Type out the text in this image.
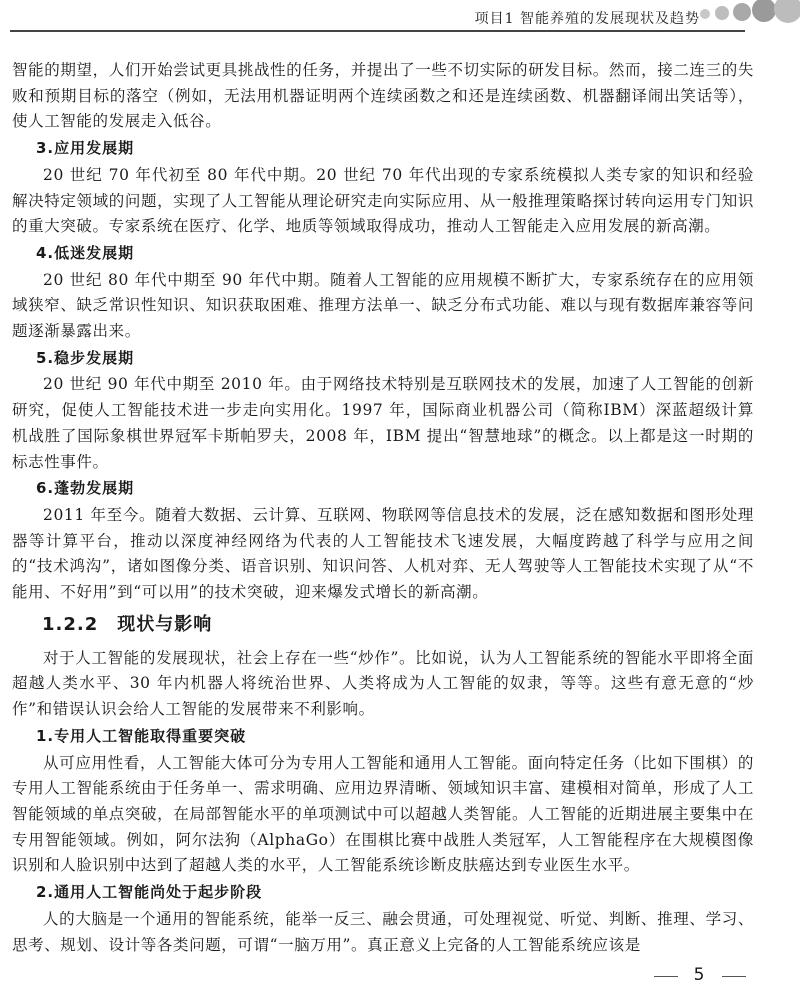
项目1 智能养殖的发展现状及趋势
智能的期望，人们开始尝试更具挑战性的任务，并提出了一些不切实际的研发目标。然而，接二连三的失败和预期目标的落空（例如，无法用机器证明两个连续函数之和还是连续函数、机器翻译闹出笑话等），使人工智能的发展走入低谷。
3.应用发展期
20 世纪 70 年代初至 80 年代中期。20 世纪 70 年代出现的专家系统模拟人类专家的知识和经验解决特定领域的问题，实现了人工智能从理论研究走向实际应用、从一般推理策略探讨转向运用专门知识的重大突破。专家系统在医疗、化学、地质等领域取得成功，推动人工智能走入应用发展的新高潮。
4.低迷发展期
20 世纪 80 年代中期至 90 年代中期。随着人工智能的应用规模不断扩大，专家系统存在的应用领域狭窄、缺乏常识性知识、知识获取困难、推理方法单一、缺乏分布式功能、难以与现有数据库兼容等问题逐渐暴露出来。
5.稳步发展期
20 世纪 90 年代中期至 2010 年。由于网络技术特别是互联网技术的发展，加速了人工智能的创新研究，促使人工智能技术进一步走向实用化。1997 年，国际商业机器公司（简称IBM）深蓝超级计算机战胜了国际象棋世界冠军卡斯帕罗夫，2008 年，IBM 提出“智慧地球”的概念。以上都是这一时期的标志性事件。
6.蓬勃发展期
2011 年至今。随着大数据、云计算、互联网、物联网等信息技术的发展，泛在感知数据和图形处理器等计算平台，推动以深度神经网络为代表的人工智能技术飞速发展，大幅度跨越了科学与应用之间的“技术鸿沟”，诸如图像分类、语音识别、知识问答、人机对弈、无人驾驶等人工智能技术实现了从“不能用、不好用”到“可以用”的技术突破，迎来爆发式增长的新高潮。
1.2.2　现状与影响
对于人工智能的发展现状，社会上存在一些“炒作”。比如说，认为人工智能系统的智能水平即将全面超越人类水平、30 年内机器人将统治世界、人类将成为人工智能的奴隶，等等。这些有意无意的“炒作”和错误认识会给人工智能的发展带来不利影响。
1.专用人工智能取得重要突破
从可应用性看，人工智能大体可分为专用人工智能和通用人工智能。面向特定任务（比如下围棋）的专用人工智能系统由于任务单一、需求明确、应用边界清晰、领域知识丰富、建模相对简单，形成了人工智能领域的单点突破，在局部智能水平的单项测试中可以超越人类智能。人工智能的近期进展主要集中在专用智能领域。例如，阿尔法狗（AlphaGo）在围棋比赛中战胜人类冠军，人工智能程序在大规模图像识别和人脸识别中达到了超越人类的水平，人工智能系统诊断皮肤癌达到专业医生水平。
2.通用人工智能尚处于起步阶段
人的大脑是一个通用的智能系统，能举一反三、融会贯通，可处理视觉、听觉、判断、推理、学习、思考、规划、设计等各类问题，可谓“一脑万用”。真正意义上完备的人工智能系统应该是
5
